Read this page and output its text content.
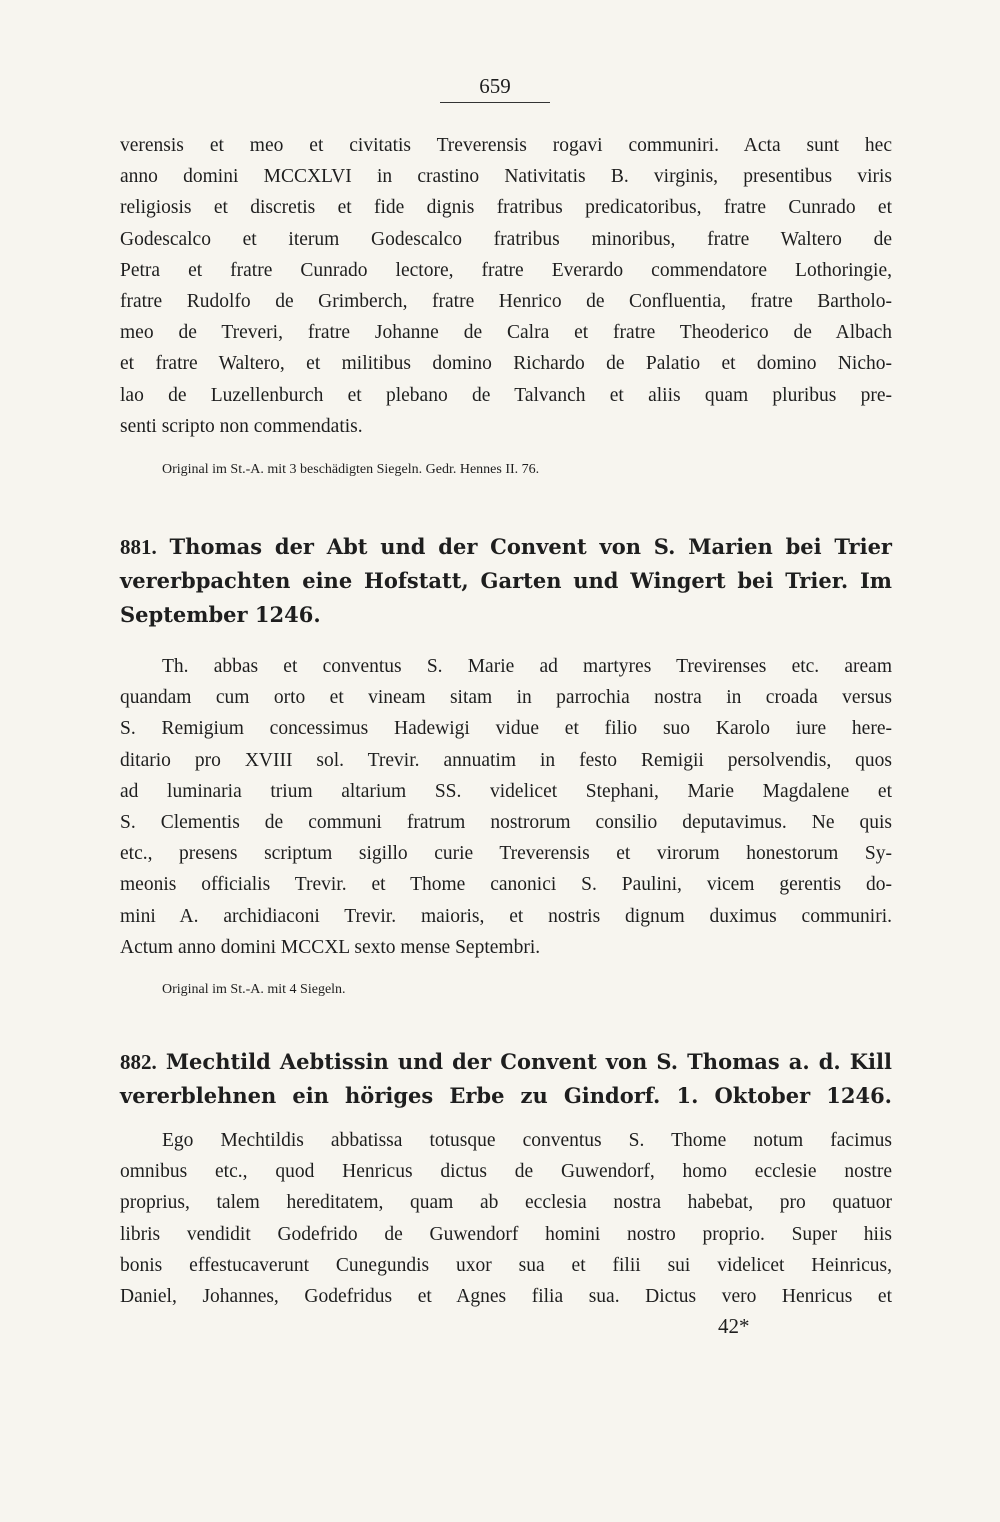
659
verensis et meo et civitatis Treverensis rogavi communiri. Acta sunt hec
anno domini MCCXLVI in crastino Nativitatis B. virginis, presentibus viris
religiosis et discretis et fide dignis fratribus predicatoribus, fratre Cunrado et
Godescalco et iterum Godescalco fratribus minoribus, fratre Waltero de
Petra et fratre Cunrado lectore, fratre Everardo commendatore Lothoringie,
fratre Rudolfo de Grimberch, fratre Henrico de Confluentia, fratre Bartholo-
meo de Treveri, fratre Johanne de Calra et fratre Theoderico de Albach
et fratre Waltero, et militibus domino Richardo de Palatio et domino Nicho-
lao de Luzellenburch et plebano de Talvanch et aliis quam pluribus pre-
senti scripto non commendatis.

Original im St.-A. mit 3 beschädigten Siegeln. Gedr. Hennes II. 76.

881. Thomas der Abt und der Convent von S. Marien bei Trier
vererbpachten eine Hofstatt, Garten und Wingert bei Trier. Im
September 1246.
Th. abbas et conventus S. Marie ad martyres Trevirenses etc. aream
quandam cum orto et vineam sitam in parrochia nostra in croada versus
S. Remigium concessimus Hadewigi vidue et filio suo Karolo iure here-
ditario pro XVIII sol. Trevir. annuatim in festo Remigii persolvendis, quos
ad luminaria trium altarium SS. videlicet Stephani, Marie Magdalene et
S. Clementis de communi fratrum nostrorum consilio deputavimus. Ne quis
etc., presens scriptum sigillo curie Treverensis et virorum honestorum Sy-
meonis officialis Trevir. et Thome canonici S. Paulini, vicem gerentis do-
mini A. archidiaconi Trevir. maioris, et nostris dignum duximus communiri.
Actum anno domini MCCXL sexto mense Septembri.

Original im St.-A. mit 4 Siegeln.

882. Mechtild Aebtissin und der Convent von S. Thomas a. d. Kill
vererblehnen ein höriges Erbe zu Gindorf. 1. Oktober 1246.
Ego Mechtildis abbatissa totusque conventus S. Thome notum facimus
omnibus etc., quod Henricus dictus de Guwendorf, homo ecclesie nostre
proprius, talem hereditatem, quam ab ecclesia nostra habebat, pro quatuor
libris vendidit Godefrido de Guwendorf homini nostro proprio. Super hiis
bonis effestucaverunt Cunegundis uxor sua et filii sui videlicet Heinricus,
Daniel, Johannes, Godefridus et Agnes filia sua. Dictus vero Henricus et
42*
